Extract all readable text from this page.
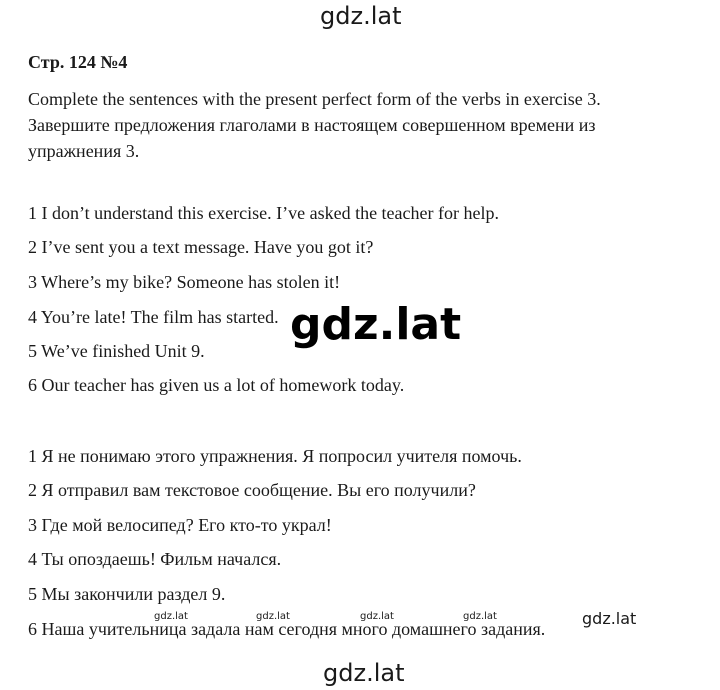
gdz.lat
Стр. 124 №4
Complete the sentences with the present perfect form of the verbs in exercise 3.
Завершите предложения глаголами в настоящем совершенном времени из
упражнения 3.
1 I don’t understand this exercise. I’ve asked the teacher for help.
2 I’ve sent you a text message. Have you got it?
3 Where’s my bike? Someone has stolen it!
4 You’re late! The film has started.
5 We’ve finished Unit 9.
6 Our teacher has given us a lot of homework today.
1 Я не понимаю этого упражнения. Я попросил учителя помочь.
2 Я отправил вам текстовое сообщение. Вы его получили?
3 Где мой велосипед? Его кто-то украл!
4 Ты опоздаешь! Фильм начался.
5 Мы закончили раздел 9.
6 Наша учительница задала нам сегодня много домашнего задания.
gdz.lat
gdz.lat	gdz.lat	gdz.lat	gdz.lat	gdz.lat
gdz.lat
